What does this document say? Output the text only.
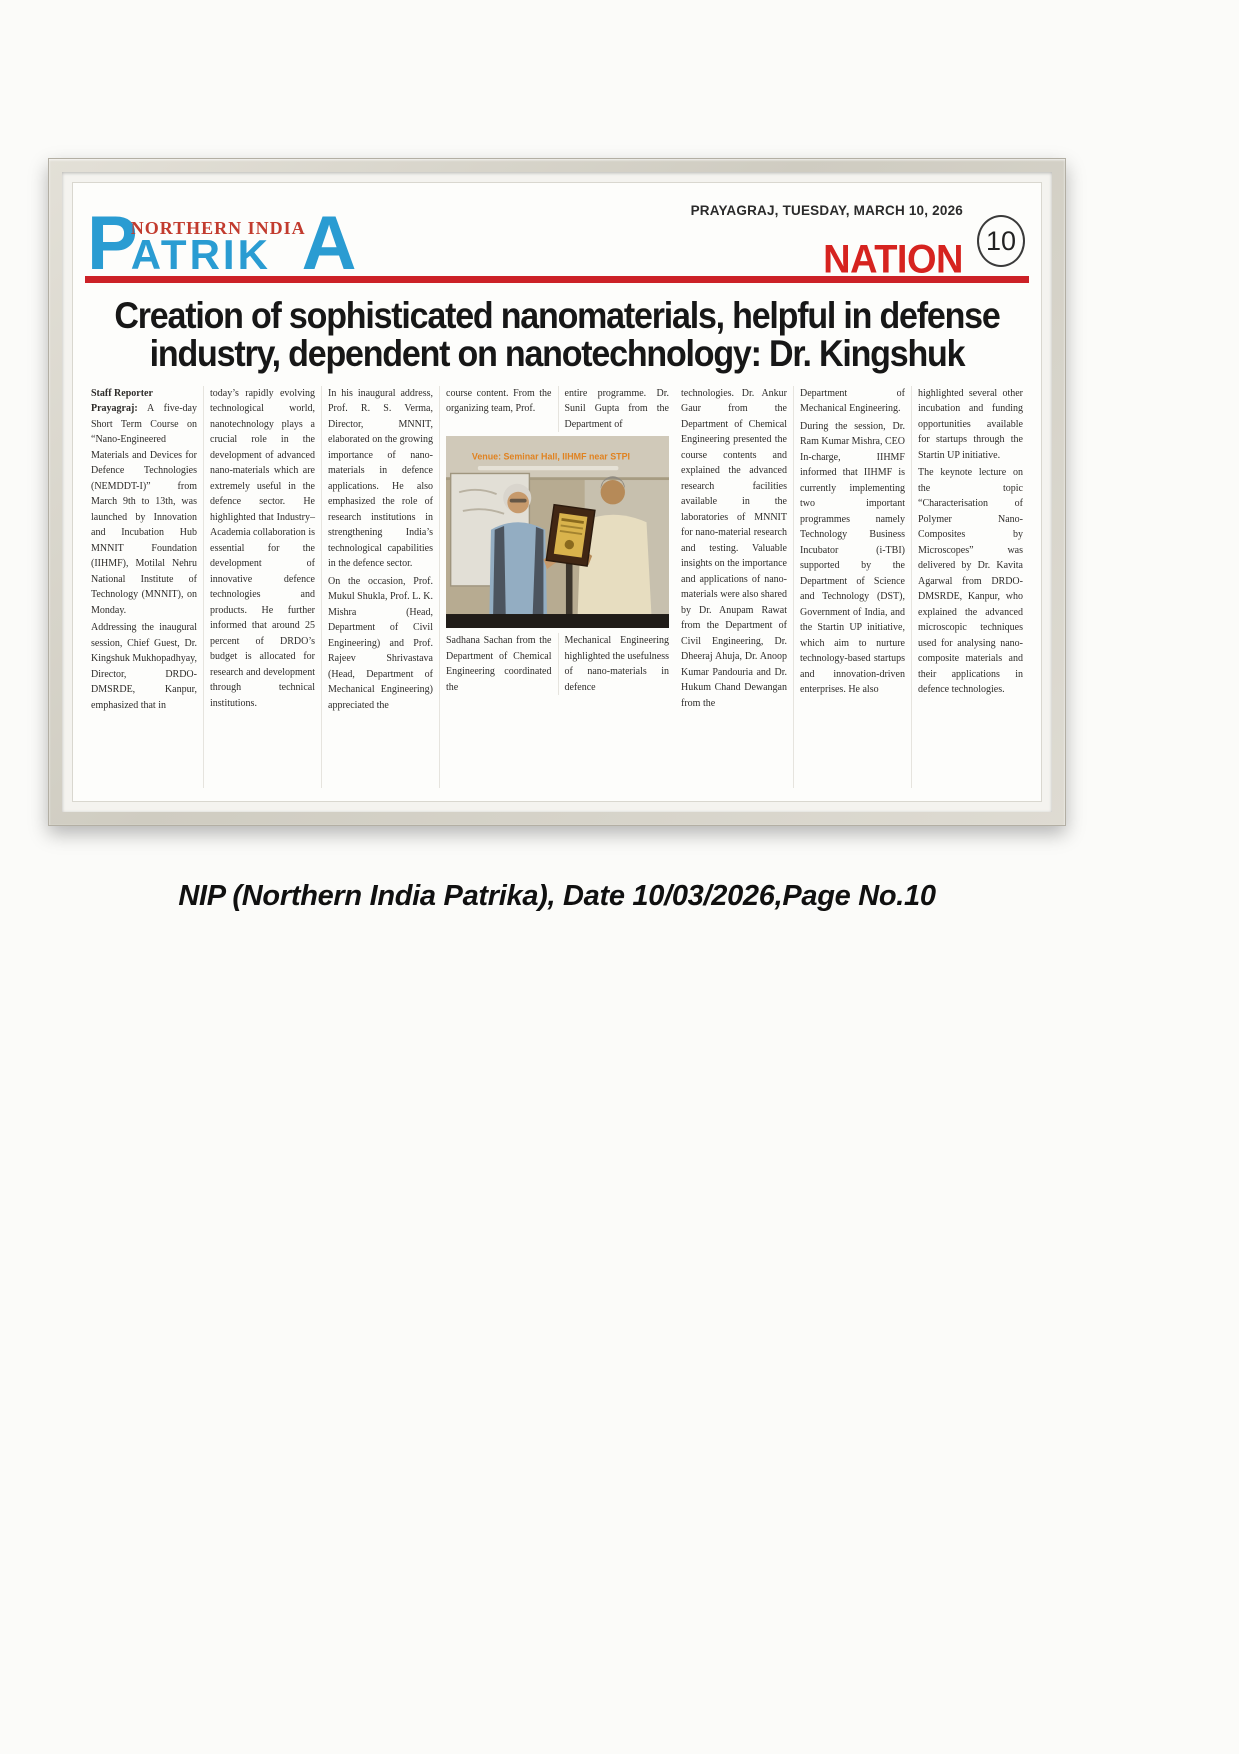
P
NORTHERN INDIA
ATRIK A	PRAYAGRAJ, TUESDAY, MARCH 10, 2026
NATION 10
Creation of sophisticated nanomaterials, helpful in defense
industry, dependent on nanotechnology: Dr. Kingshuk
Staff Reporter

Prayagraj: A five-day Short Term Course on “Nano-Engineered Materials and Devices for Defence Technologies (NEMDDT-I)” from March 9th to 13th, was launched by Innovation and Incubation Hub MNNIT Foundation (IIHMF), Motilal Nehru National Institute of Technology (MNNIT), on Monday.

Addressing the inaugural session, Chief Guest, Dr. Kingshuk Mukhopadhyay, Director, DRDO-DMSRDE, Kanpur, emphasized that in

today’s rapidly evolving technological world, nanotechnology plays a crucial role in the development of advanced nano-materials which are extremely useful in the defence sector. He highlighted that Industry–Academia collaboration is essential for the development of innovative defence technologies and products. He further informed that around 25 percent of DRDO’s budget is allocated for research and development through technical institutions.

In his inaugural address, Prof. R. S. Verma, Director, MNNIT, elaborated on the growing importance of nano-materials in defence applications. He also emphasized the role of research institutions in strengthening India’s technological capabilities in the defence sector.

On the occasion, Prof. Mukul Shukla, Prof. L. K. Mishra (Head, Department of Civil Engineering) and Prof. Rajeev Shrivastava (Head, Department of Mechanical Engineering) appreciated the

course content. From the organizing team, Prof.

entire programme. Dr. Sunil Gupta from the Department of

Venue: Seminar Hall, IIHMF near STPI

Sadhana Sachan from the Department of Chemical Engineering coordinated the

Mechanical Engineering highlighted the usefulness of nano-materials in defence

technologies. Dr. Ankur Gaur from the Department of Chemical Engineering presented the course contents and explained the advanced research facilities available in the laboratories of MNNIT for nano-material research and testing. Valuable insights on the importance and applications of nano-materials were also shared by Dr. Anupam Rawat from the Department of Civil Engineering, Dr. Dheeraj Ahuja, Dr. Anoop Kumar Pandouria and Dr. Hukum Chand Dewangan from the

Department of Mechanical Engineering.

During the session, Dr. Ram Kumar Mishra, CEO In-charge, IIHMF informed that IIHMF is currently implementing two important programmes namely Technology Business Incubator (i-TBI) supported by the Department of Science and Technology (DST), Government of India, and the Startin UP initiative, which aim to nurture technology-based startups and innovation-driven enterprises. He also

highlighted several other incubation and funding opportunities available for startups through the Startin UP initiative.

The keynote lecture on the topic “Characterisation of Polymer Nano-Composites by Microscopes” was delivered by Dr. Kavita Agarwal from DRDO-DMSRDE, Kanpur, who explained the advanced microscopic techniques used for analysing nano-composite materials and their applications in defence technologies.

NIP (Northern India Patrika), Date 10/03/2026,Page No.10
